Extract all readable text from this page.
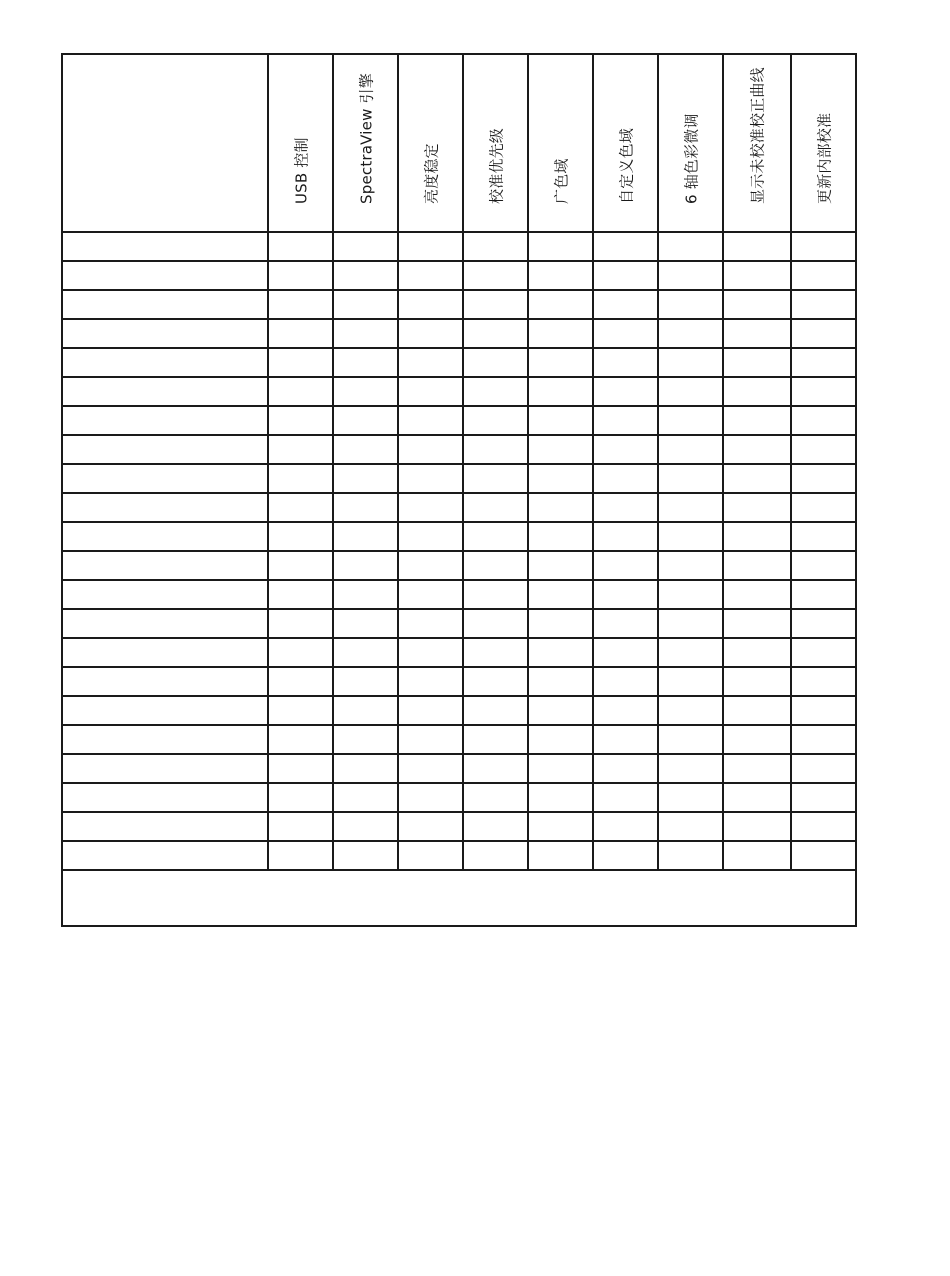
	USB 控制	SpectraView 引擎	亮度稳定	校准优先级	广色域	自定义色域	6 轴色彩微调	显示未校准校正曲线	更新内部校准
